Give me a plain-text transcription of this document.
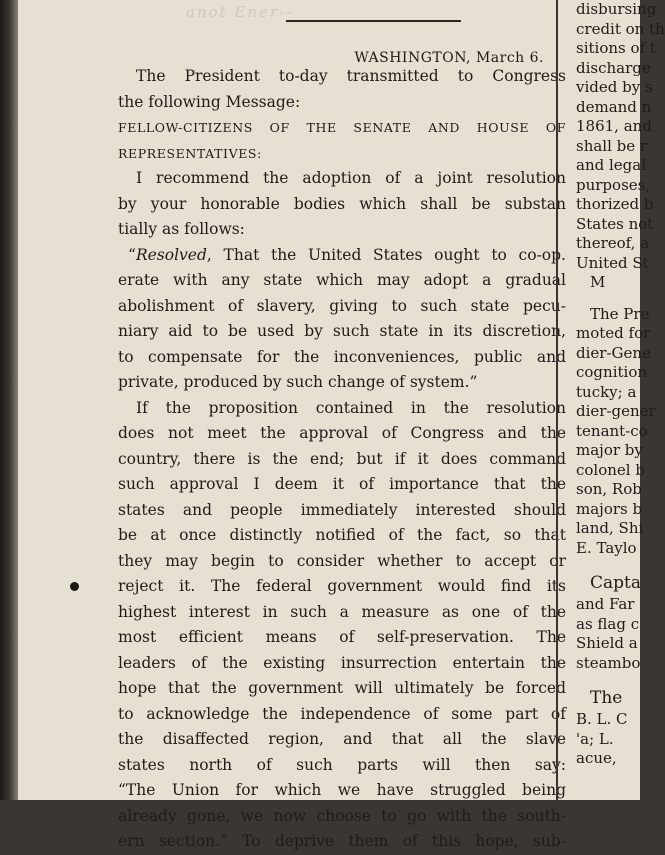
anot Ener--
WASHINGTON, March 6.
The President to-day transmitted to Congress
the following Message:
FELLOW-CITIZENS OF THE SENATE AND HOUSE OF
REPRESENTATIVES:
I recommend the adoption of a joint resolution
by your honorable bodies which shall be substan
tially as follows:
“Resolved, That the United States ought to co-op.
erate with any state which may adopt a gradual
abolishment of slavery, giving to such state pecu-
niary aid to be used by such state in its discretion,
to compensate for the inconveniences, public and
private, produced by such change of system.”
If the proposition contained in the resolution
does not meet the approval of Congress and the
country, there is the end; but if it does command
such approval I deem it of importance that the
states and people immediately interested should
be at once distinctly notified of the fact, so that
they may begin to consider whether to accept or
reject it. The federal government would find its
highest interest in such a measure as one of the
most efficient means of self-preservation. The
leaders of the existing insurrection entertain the
hope that the government will ultimately be forced
to acknowledge the independence of some part of
the disaffected region, and that all the slave
states north of such parts will then say:
“The Union for which we have struggled being
already gone, we now choose to go with the south-
ern section.” To deprive them of this hope, sub-
disbursing
credit on th
sitions of t
discharge
vided by s
demand n
1861, and
shall be r
and legal
purposes,
thorized b
States not
thereof, a
United St
M
The Pre
moted for
dier-Gene
cognition
tucky; a
dier-gener
tenant-co
major by
colonel b
son, Rob
majors b
land, Shi
E. Taylo
Capta
and Far
as flag c
Shield a
steambo
The
B. L. C
'a; L.
acue,
